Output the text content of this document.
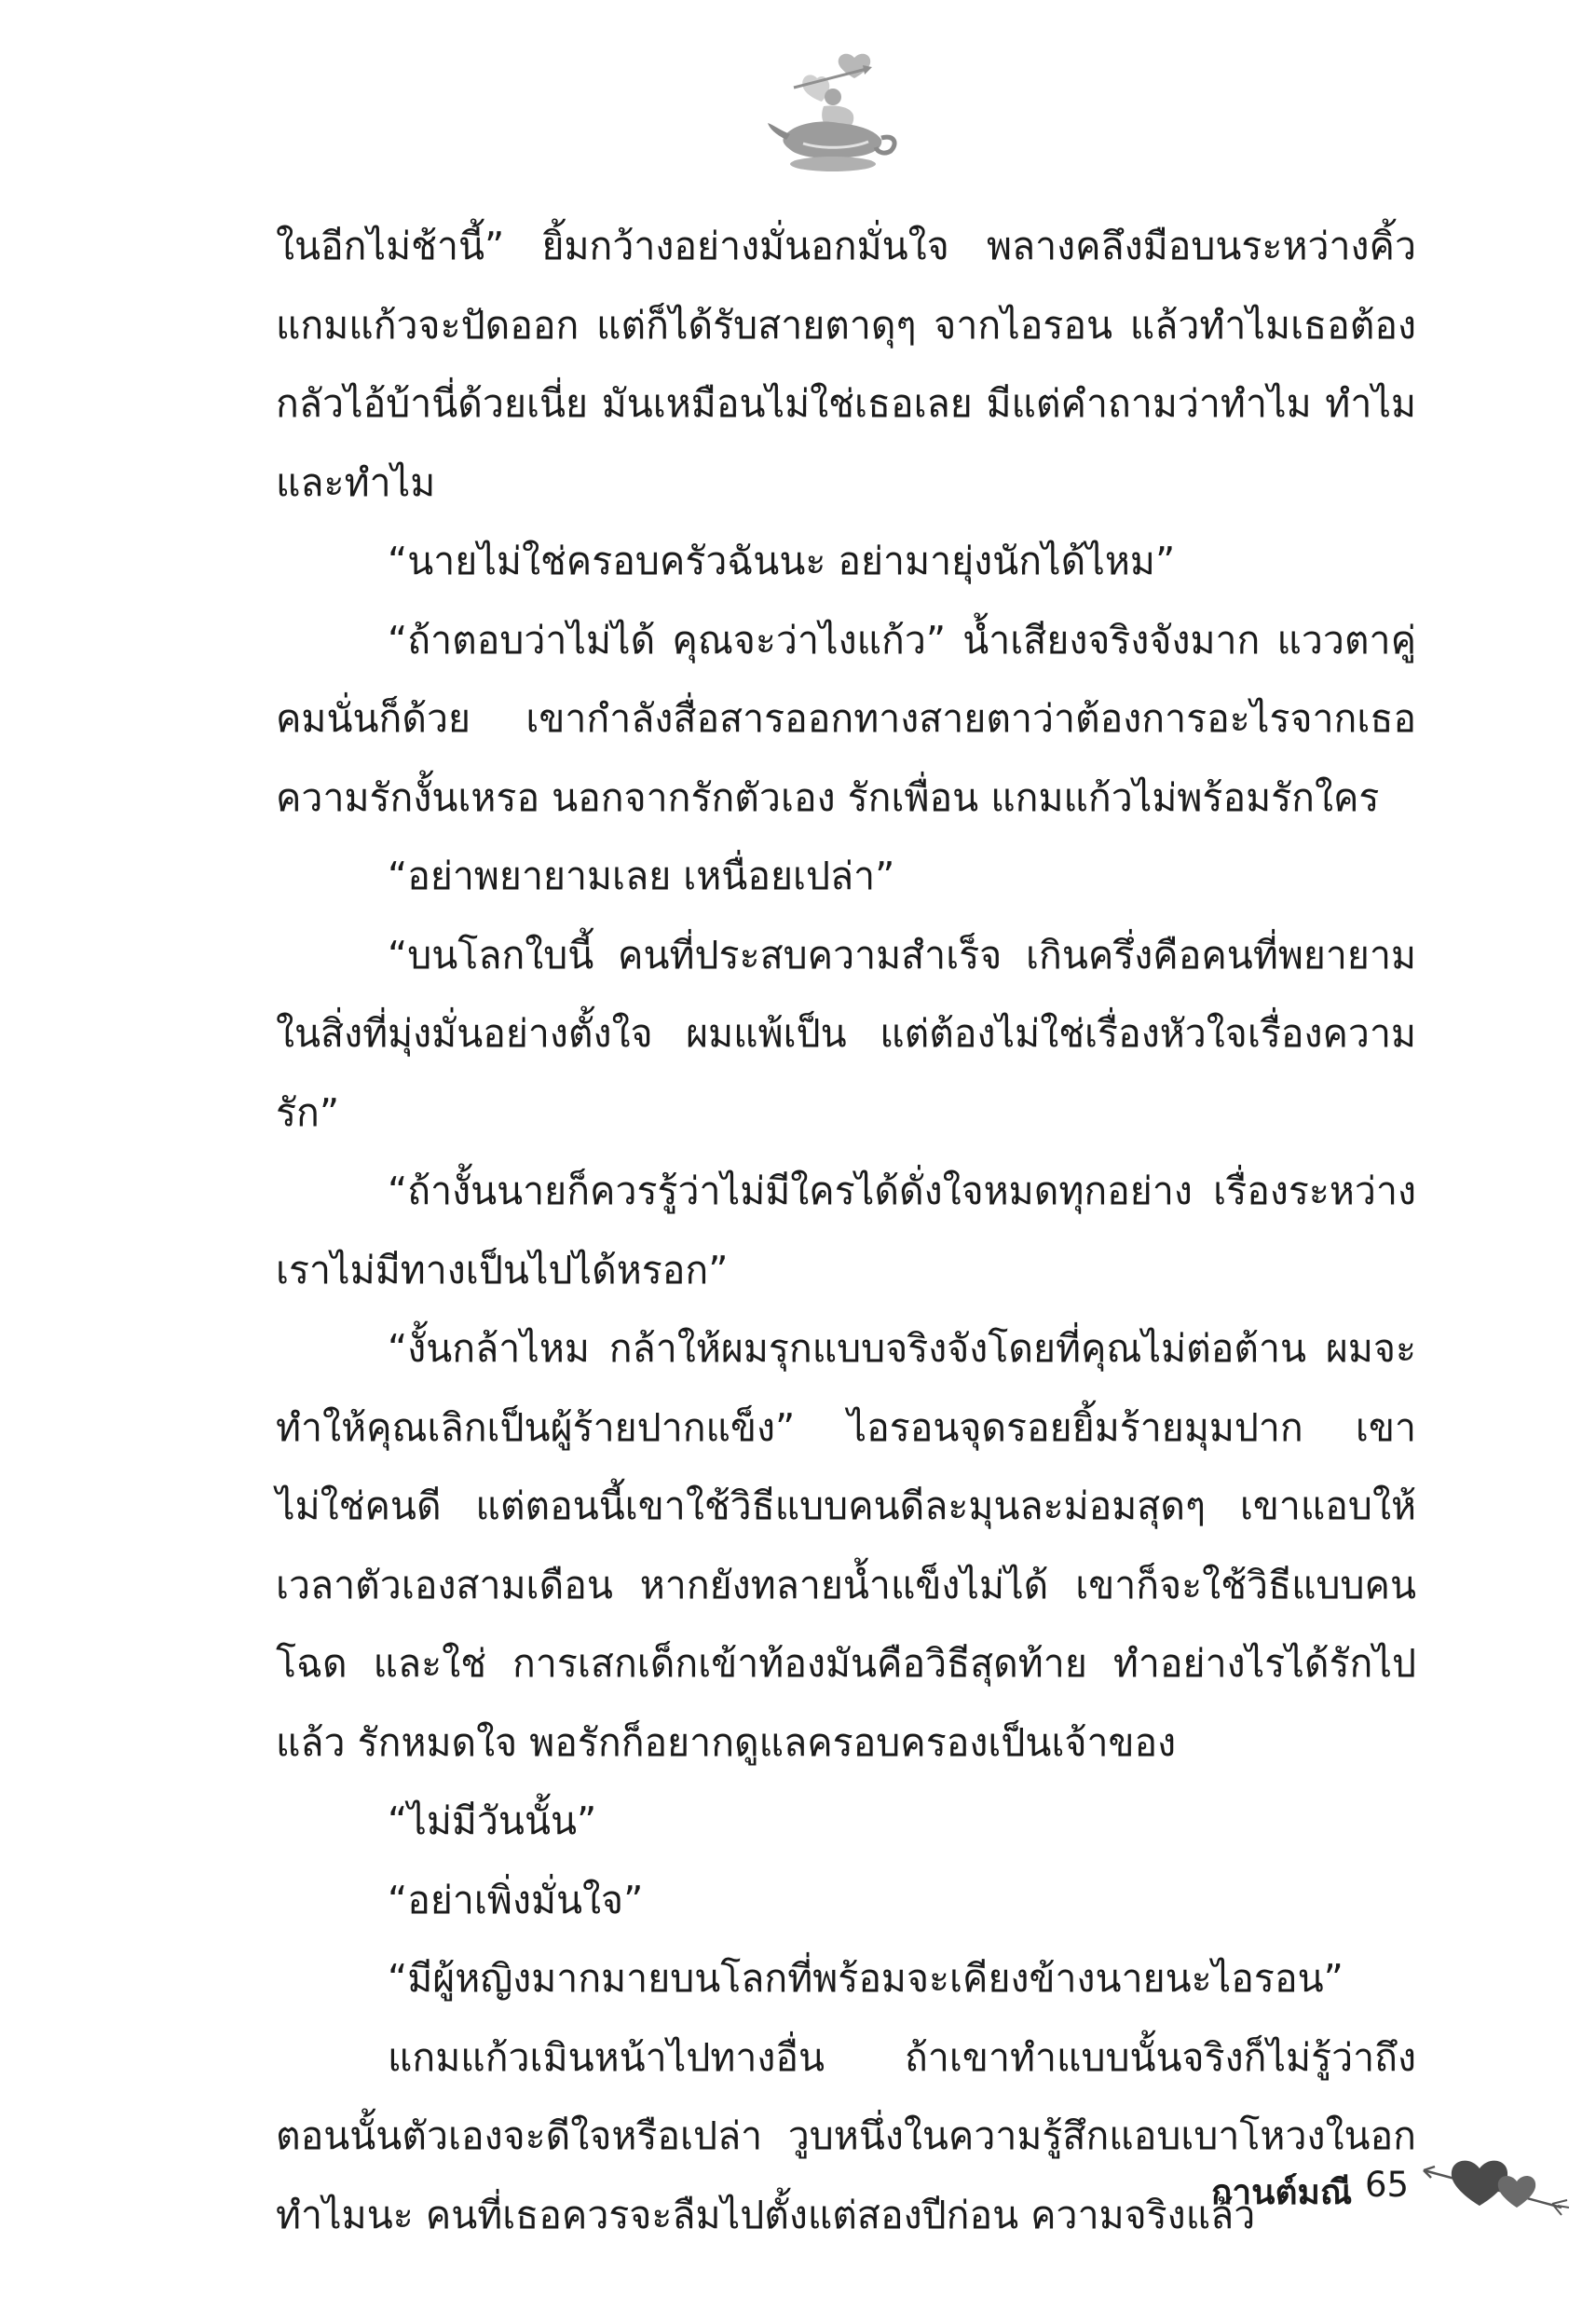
ในอีกไม่ช้านี้” ยิ้มกว้างอย่างมั่นอกมั่นใจ พลางคลึงมือบนระหว่างคิ้ว แกมแก้วจะปัดออก แต่ก็ได้รับสายตาดุๆ จากไอรอน แล้วทำไมเธอต้องกลัวไอ้บ้านี่ด้วยเนี่ย มันเหมือนไม่ใช่เธอเลย มีแต่คำถามว่าทำไม ทำไมและทำไม

“นายไม่ใช่ครอบครัวฉันนะ อย่ามายุ่งนักได้ไหม”

“ถ้าตอบว่าไม่ได้ คุณจะว่าไงแก้ว” น้ำเสียงจริงจังมาก แววตาคู่คมนั่นก็ด้วย เขากำลังสื่อสารออกทางสายตาว่าต้องการอะไรจากเธอ ความรักงั้นเหรอ นอกจากรักตัวเอง รักเพื่อน แกมแก้วไม่พร้อมรักใคร

“อย่าพยายามเลย เหนื่อยเปล่า”

“บนโลกใบนี้ คนที่ประสบความสำเร็จ เกินครึ่งคือคนที่พยายามในสิ่งที่มุ่งมั่นอย่างตั้งใจ ผมแพ้เป็น แต่ต้องไม่ใช่เรื่องหัวใจเรื่องความรัก”

“ถ้างั้นนายก็ควรรู้ว่าไม่มีใครได้ดั่งใจหมดทุกอย่าง เรื่องระหว่างเราไม่มีทางเป็นไปได้หรอก”

“งั้นกล้าไหม กล้าให้ผมรุกแบบจริงจังโดยที่คุณไม่ต่อต้าน ผมจะทำให้คุณเลิกเป็นผู้ร้ายปากแข็ง” ไอรอนจุดรอยยิ้มร้ายมุมปาก เขาไม่ใช่คนดี แต่ตอนนี้เขาใช้วิธีแบบคนดีละมุนละม่อมสุดๆ เขาแอบให้เวลาตัวเองสามเดือน หากยังทลายน้ำแข็งไม่ได้ เขาก็จะใช้วิธีแบบคนโฉด และใช่ การเสกเด็กเข้าท้องมันคือวิธีสุดท้าย ทำอย่างไรได้รักไปแล้ว รักหมดใจ พอรักก็อยากดูแลครอบครองเป็นเจ้าของ

“ไม่มีวันนั้น”

“อย่าเพิ่งมั่นใจ”

“มีผู้หญิงมากมายบนโลกที่พร้อมจะเคียงข้างนายนะไอรอน”

แกมแก้วเมินหน้าไปทางอื่น ถ้าเขาทำแบบนั้นจริงก็ไม่รู้ว่าถึงตอนนั้นตัวเองจะดีใจหรือเปล่า วูบหนึ่งในความรู้สึกแอบเบาโหวงในอก ทำไมนะ คนที่เธอควรจะลืมไปตั้งแต่สองปีก่อน ความจริงแล้ว

กานต์มณี 65
